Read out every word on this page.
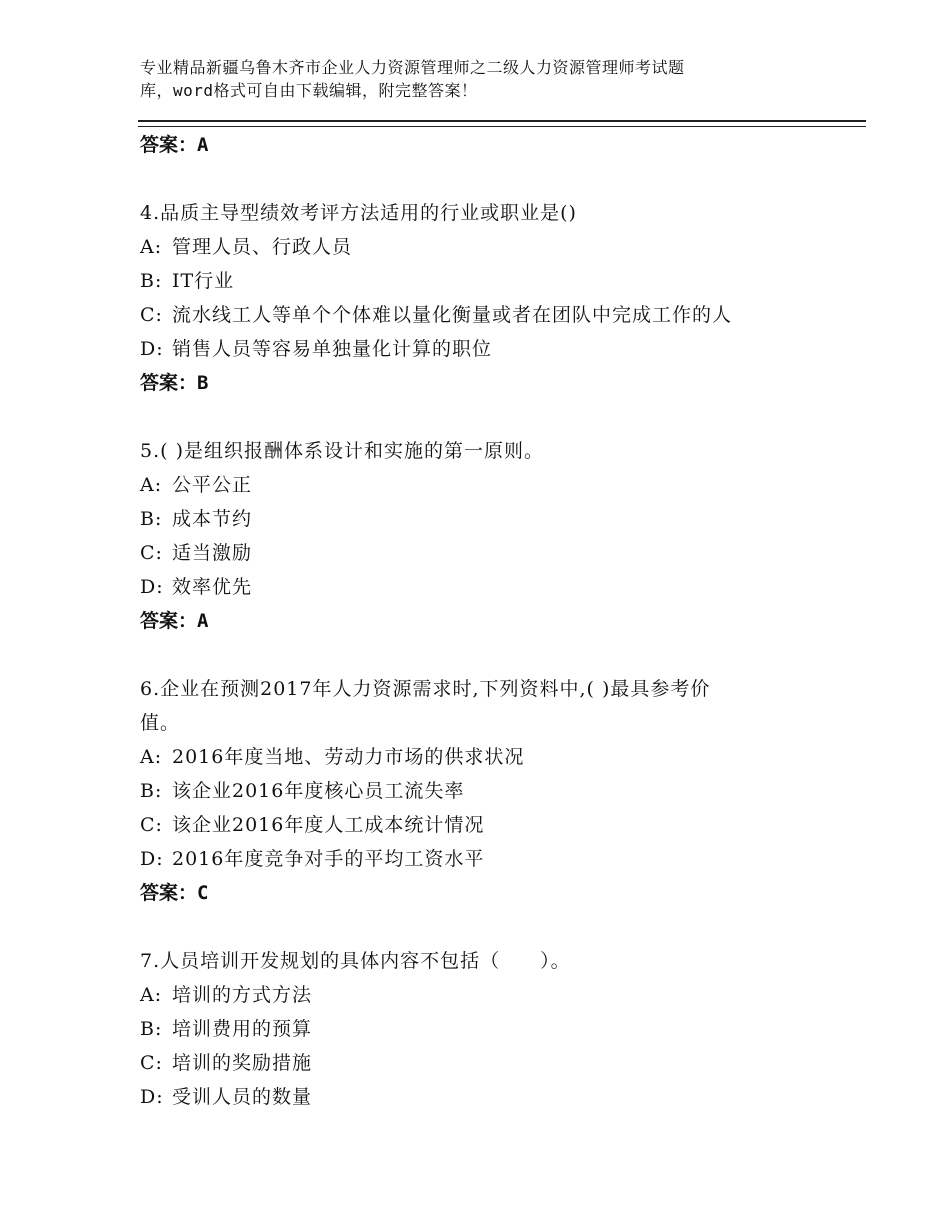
专业精品新疆乌鲁木齐市企业人力资源管理师之二级人力资源管理师考试题
库，word格式可自由下载编辑，附完整答案！
答案：A
4.品质主导型绩效考评方法适用的行业或职业是()
A: 管理人员、行政人员
B: IT行业
C: 流水线工人等单个个体难以量化衡量或者在团队中完成工作的人
D: 销售人员等容易单独量化计算的职位
答案：B
5.( )是组织报酬体系设计和实施的第一原则。
A: 公平公正
B: 成本节约
C: 适当激励
D: 效率优先
答案：A
6.企业在预测2017年人力资源需求时,下列资料中,( )最具参考价
值。
A: 2016年度当地、劳动力市场的供求状况
B: 该企业2016年度核心员工流失率
C: 该企业2016年度人工成本统计情况
D: 2016年度竞争对手的平均工资水平
答案：C
7.人员培训开发规划的具体内容不包括（　　）。
A: 培训的方式方法
B: 培训费用的预算
C: 培训的奖励措施
D: 受训人员的数量
